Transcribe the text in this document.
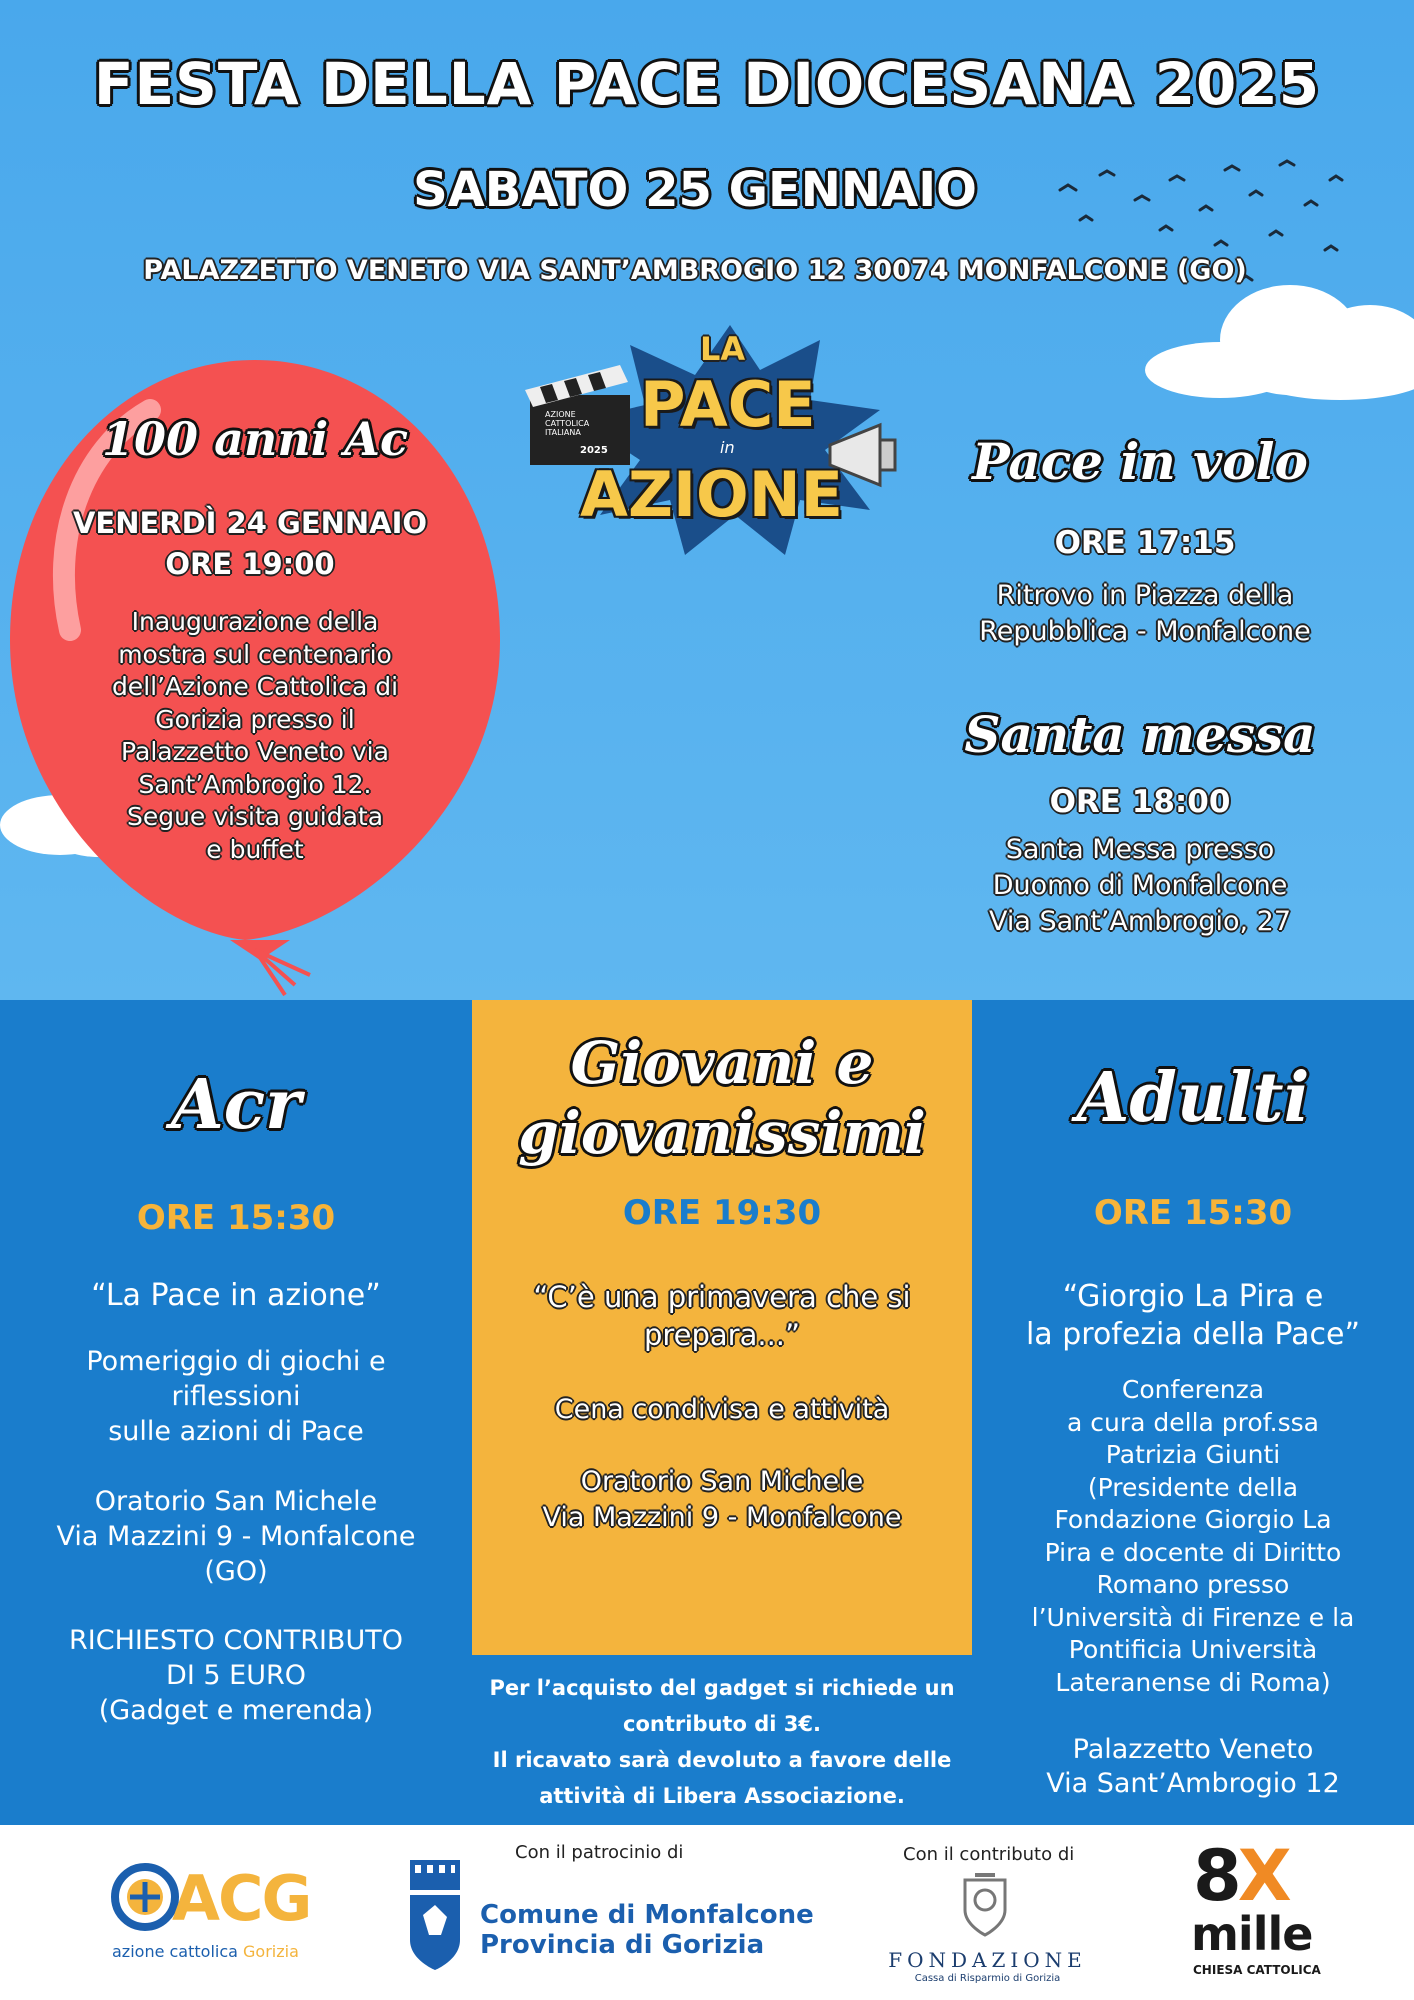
FESTA DELLA PACE DIOCESANA 2025
SABATO 25 GENNAIO
PALAZZETTO VENETO VIA SANT’AMBROGIO 12 30074 MONFALCONE (GO)
100 anni Ac
VENERDÌ 24 GENNAIO
ORE 19:00
Inaugurazione della
mostra sul centenario
dell’Azione Cattolica di
Gorizia presso il
Palazzetto Veneto via
Sant’Ambrogio 12.
Segue visita guidata
e buffet
AZIONE CATTOLICA ITALIANA
2025
LA
PACE
in
AZIONE	Pace in volo
ORE 17:15
Ritrovo in Piazza della
Repubblica - Monfalcone
Santa messa
ORE 18:00
Santa Messa presso
Duomo di Monfalcone
Via Sant’Ambrogio, 27
Acr
ORE 15:30
“La Pace in azione”
Pomeriggio di giochi e
riflessioni
sulle azioni di Pace
Oratorio San Michele
Via Mazzini 9 - Monfalcone
(GO)
RICHIESTO CONTRIBUTO
DI 5 EURO
(Gadget e merenda)
Giovani e
giovanissimi
ORE 19:30
“C’è una primavera che si
prepara...”
Cena condivisa e attività
Oratorio San Michele
Via Mazzini 9 - Monfalcone
Per l’acquisto del gadget si richiede un
contributo di 3€.
Il ricavato sarà devoluto a favore delle
attività di Libera Associazione.
Adulti
ORE 15:30
“Giorgio La Pira e
la profezia della Pace”
Conferenza
a cura della prof.ssa
Patrizia Giunti
(Presidente della
Fondazione Giorgio La
Pira e docente di Diritto
Romano presso
l’Università di Firenze e la
Pontificia Università
Lateranense di Roma)
Palazzetto Veneto
Via Sant’Ambrogio 12
ACG
azione cattolica Gorizia
Con il patrocinio di
Comune di Monfalcone
Provincia di Gorizia
Con il contributo di
FONDAZIONE
Cassa di Risparmio di Gorizia
8X
mille
CHIESA CATTOLICA
